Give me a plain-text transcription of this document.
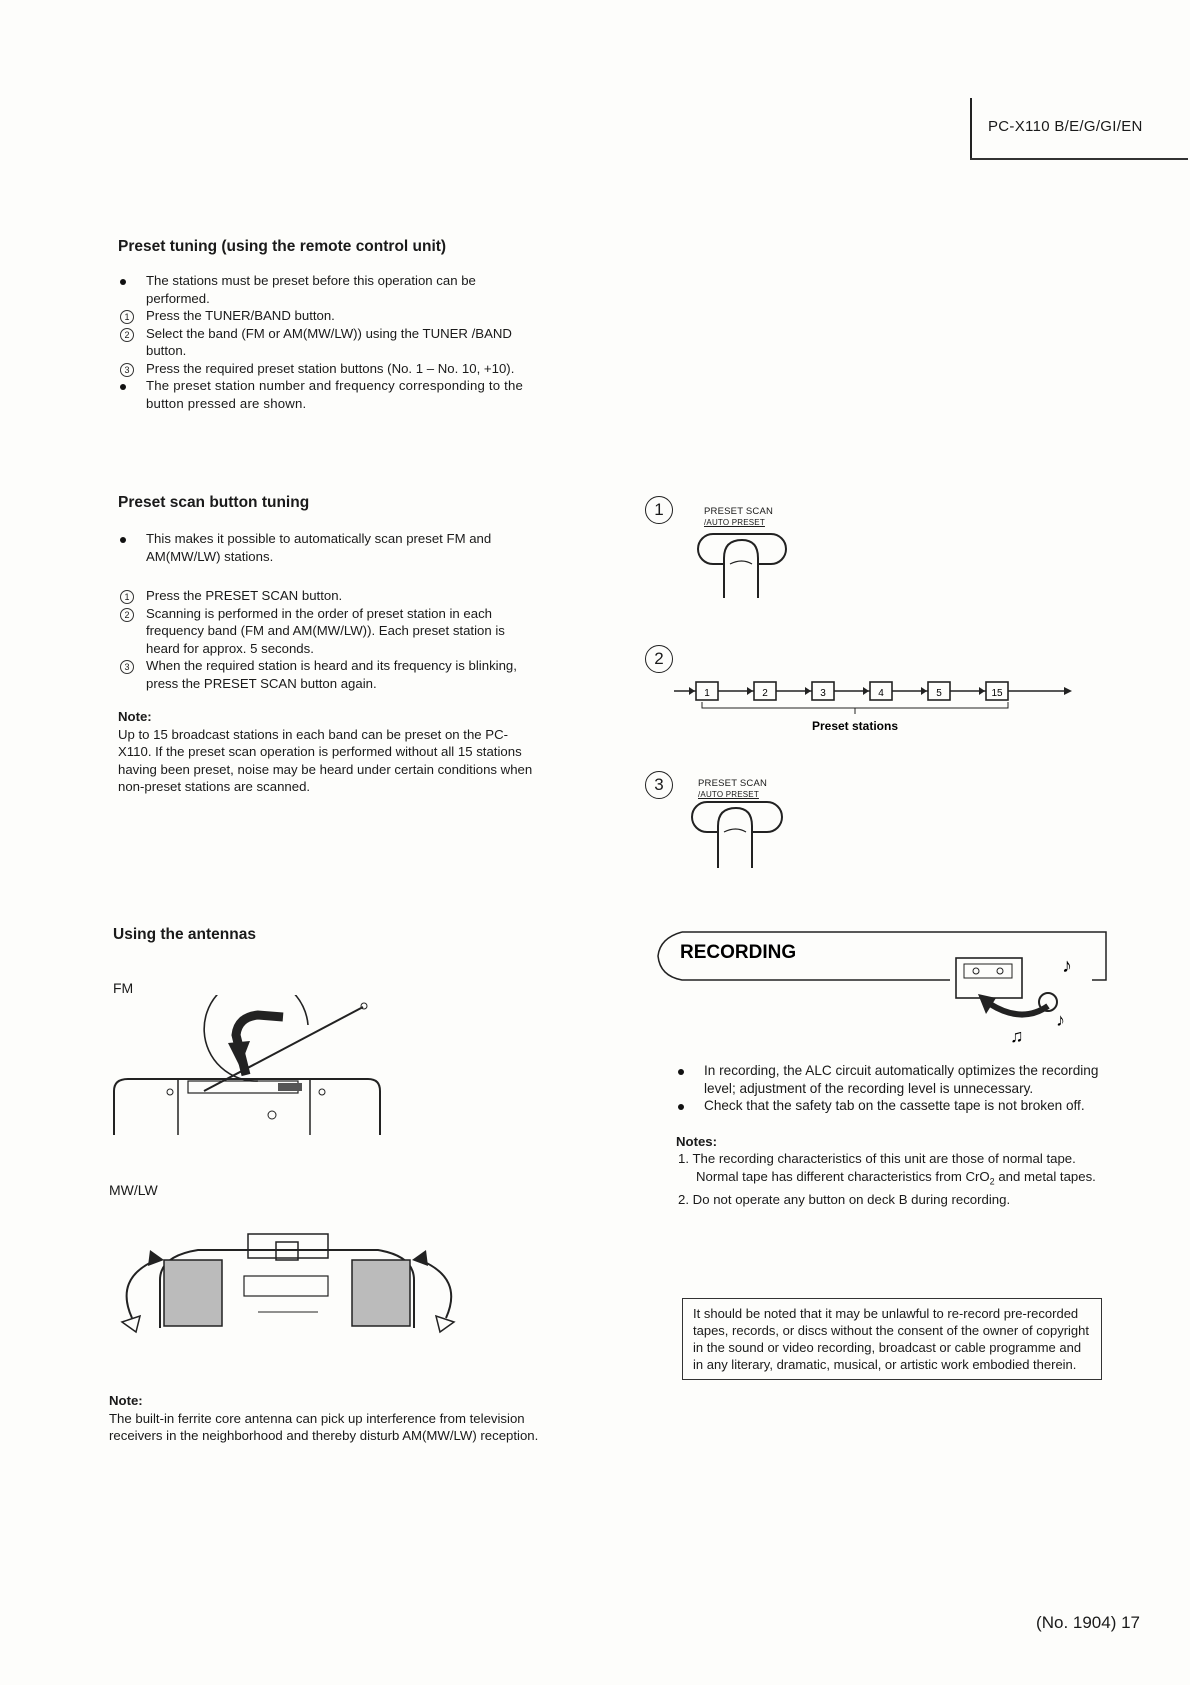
PC-X110 B/E/G/GI/EN
Preset tuning (using the remote control unit)
The stations must be preset before this operation can be performed.
1	Press the TUNER/BAND button.
2	Select the band (FM or AM(MW/LW)) using the TUNER /BAND button.
3	Press the required preset station buttons (No. 1 – No. 10, +10).
The preset station number and frequency corresponding to the button pressed are shown.
Preset scan button tuning
This makes it possible to automatically scan preset FM and AM(MW/LW) stations.
1	Press the PRESET SCAN button.
2	Scanning is performed in the order of preset station in each frequency band (FM and AM(MW/LW)). Each preset station is heard for approx. 5 seconds.
3	When the required station is heard and its frequency is blinking, press the PRESET SCAN button again.
Note:
Up to 15 broadcast stations in each band can be preset on the PC-X110. If the preset scan operation is performed without all 15 stations having been preset, noise may be heard under certain conditions when non-preset stations are scanned.
1	PRESET SCAN
/AUTO PRESET
2
1	2	3	4	5	15
Preset stations
3	PRESET SCAN
/AUTO PRESET
Using the antennas
FM
MW/LW
Note:
The built-in ferrite core antenna can pick up interference from television receivers in the neighborhood and thereby disturb AM(MW/LW) reception.
RECORDING
♪
♪
♫
In recording, the ALC circuit automatically optimizes the recording level; adjustment of the recording level is unnecessary.
Check that the safety tab on the cassette tape is not broken off.
Notes:
1. The recording characteristics of this unit are those of normal tape. Normal tape has different characteristics from CrO$_2$ and metal tapes.
2. Do not operate any button on deck B during recording.
It should be noted that it may be unlawful to re-record pre-recorded tapes, records, or discs without the consent of the owner of copyright in the sound or video recording, broadcast or cable programme and in any literary, dramatic, musical, or artistic work embodied therein.
(No. 1904) 17
